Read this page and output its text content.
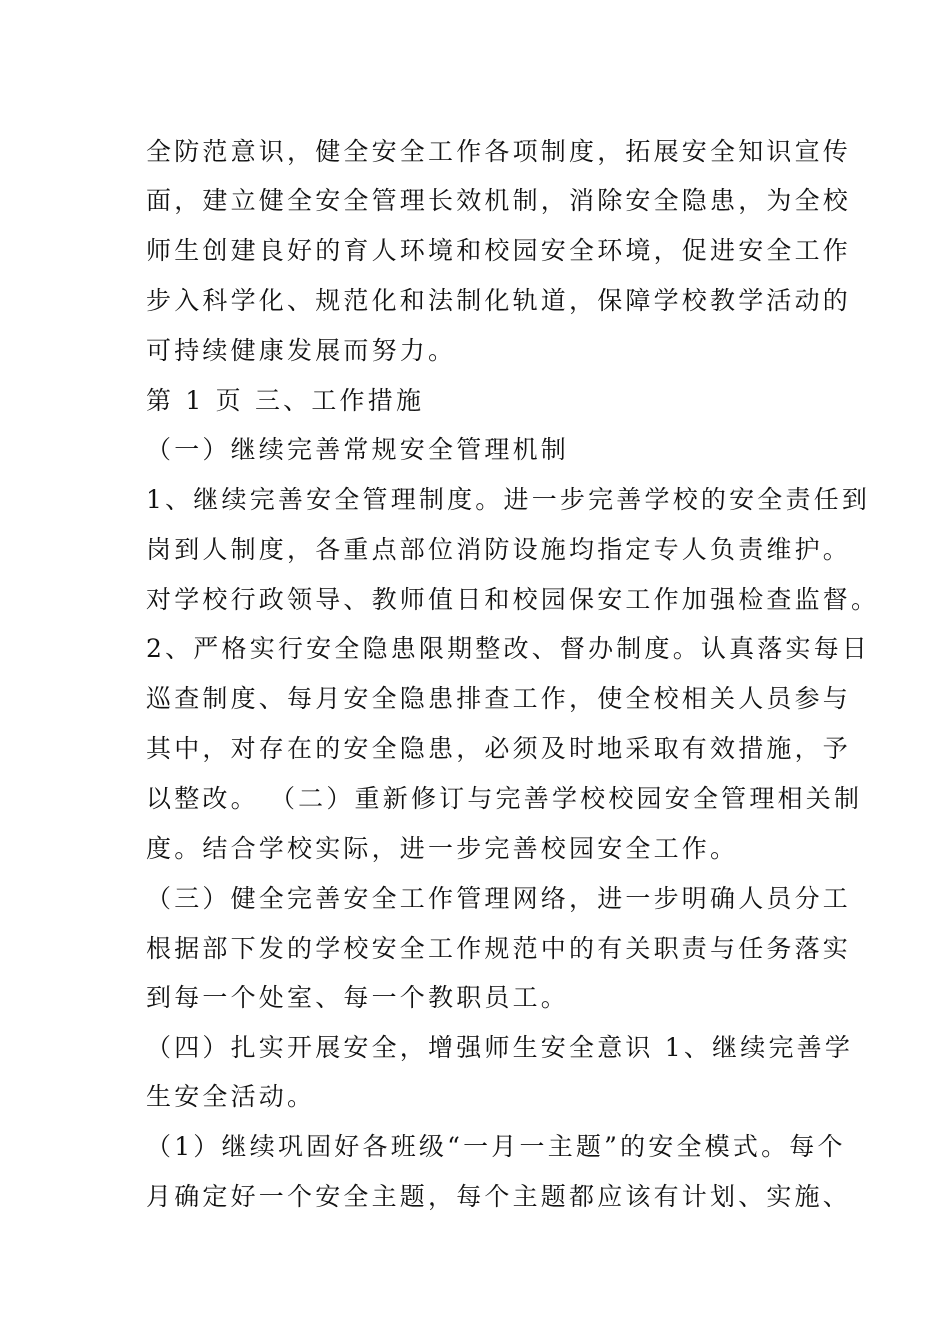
全防范意识，健全安全工作各项制度，拓展安全知识宣传
面，建立健全安全管理长效机制，消除安全隐患，为全校
师生创建良好的育人环境和校园安全环境，促进安全工作
步入科学化、规范化和法制化轨道，保障学校教学活动的
可持续健康发展而努力。
第 1 页 三、工作措施
（一）继续完善常规安全管理机制
1、继续完善安全管理制度。进一步完善学校的安全责任到
岗到人制度，各重点部位消防设施均指定专人负责维护。
对学校行政领导、教师值日和校园保安工作加强检查监督。
2、严格实行安全隐患限期整改、督办制度。认真落实每日
巡查制度、每月安全隐患排查工作，使全校相关人员参与
其中，对存在的安全隐患，必须及时地采取有效措施，予
以整改。 （二）重新修订与完善学校校园安全管理相关制
度。结合学校实际，进一步完善校园安全工作。
（三）健全完善安全工作管理网络，进一步明确人员分工
根据部下发的学校安全工作规范中的有关职责与任务落实
到每一个处室、每一个教职员工。
（四）扎实开展安全，增强师生安全意识 1、继续完善学
生安全活动。
（1）继续巩固好各班级“一月一主题”的安全模式。每个
月确定好一个安全主题，每个主题都应该有计划、实施、
